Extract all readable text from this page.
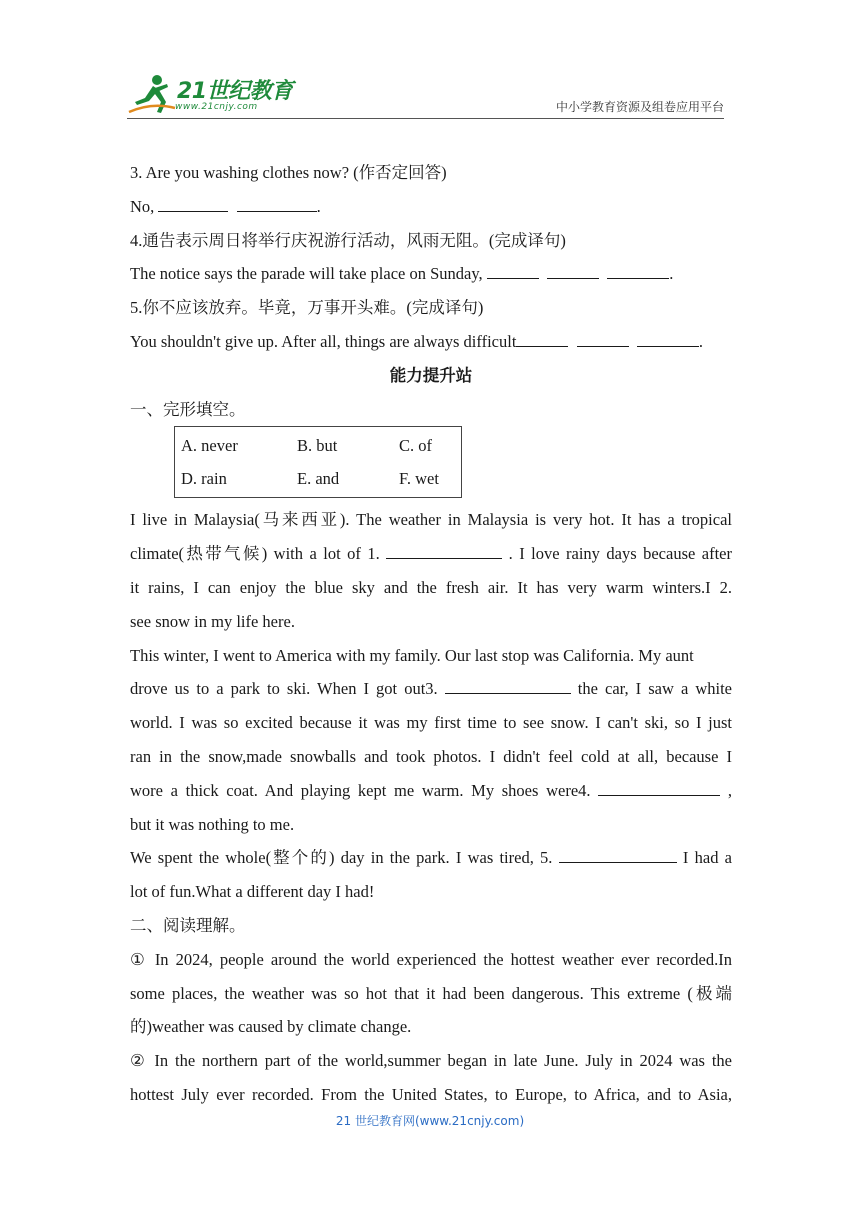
21世纪教育
www.21cnjy.com	中小学教育资源及组卷应用平台
3. Are you washing clothes now? (作否定回答)
No,	.
4.通告表示周日将举行庆祝游行活动，风雨无阻。(完成译句)
The notice says the parade will take place on Sunday,	.
5.你不应该放弃。毕竟，万事开头难。(完成译句)
You shouldn't give up. After all, things are always difficult	.
能力提升站
一、完形填空。
A. never	B. but	C. of
D. rain	E. and	F. wet
I live in Malaysia(马来西亚). The weather in Malaysia is very hot. It has a tropical
climate(热带气候) with a lot of 1.	. I love rainy days because after
it rains, I can enjoy the blue sky and the fresh air. It has very warm winters.I 2.
see snow in my life here.
This winter, I went to America with my family. Our last stop was California. My aunt
drove us to a park to ski. When I got out3.	the car, I saw a white
world. I was so excited because it was my first time to see snow. I can't ski, so I just
ran in the snow,made snowballs and took photos. I didn't feel cold at all, because I
wore a thick coat. And playing kept me warm. My shoes were4.	,
but it was nothing to me.
We spent the whole(整个的) day in the park. I was tired, 5.	I had a
lot of fun.What a different day I had!
二、阅读理解。
① In 2024, people around the world experienced the hottest weather ever recorded.In
some places, the weather was so hot that it had been dangerous. This extreme (极端
的)weather was caused by climate change.
② In the northern part of the world,summer began in late June. July in 2024 was the
hottest July ever recorded. From the United States, to Europe, to Africa, and to Asia,
21 世纪教育网(www.21cnjy.com)
